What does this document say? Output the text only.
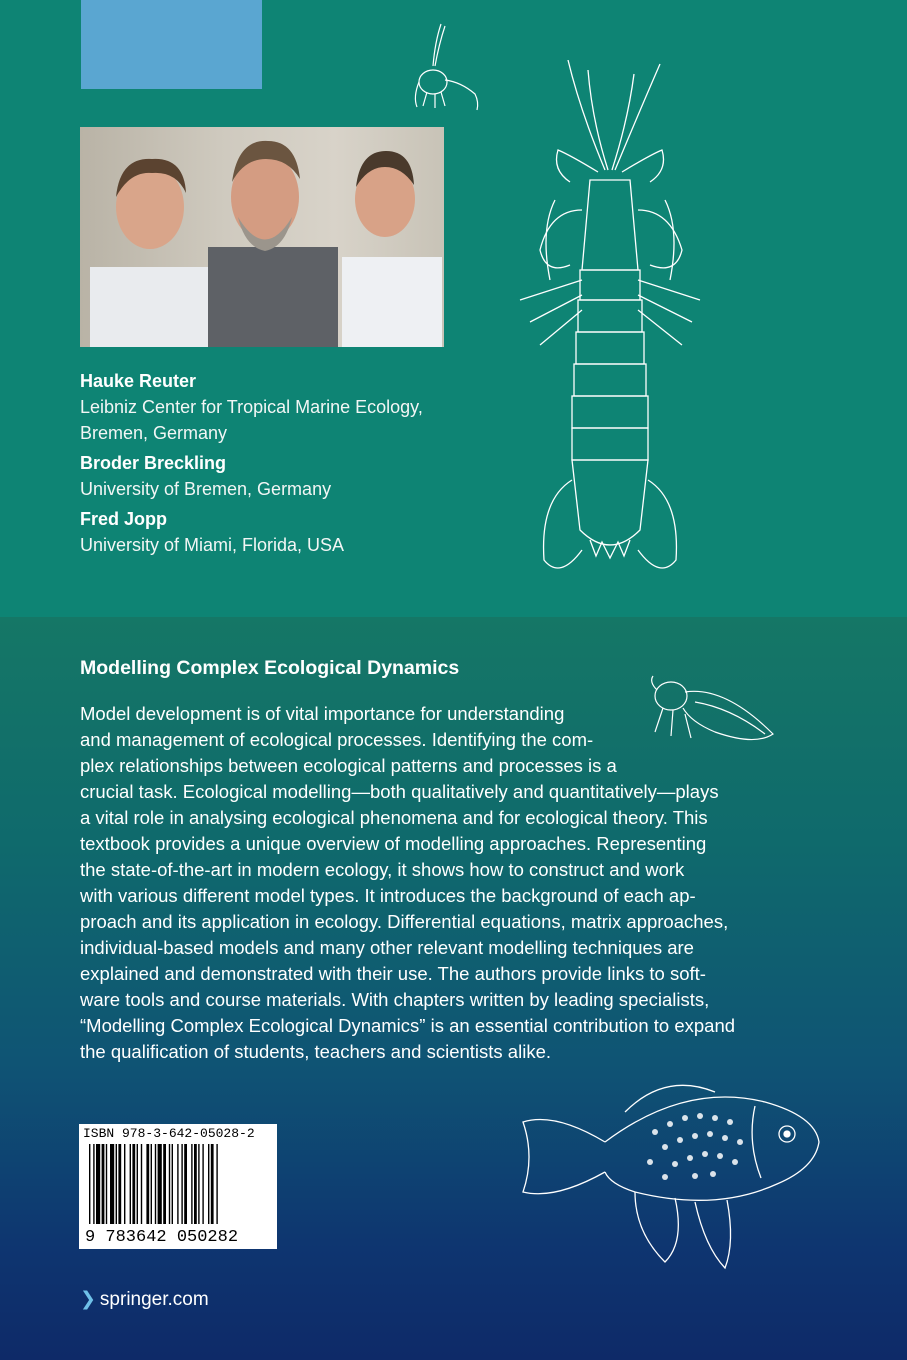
Hauke Reuter
Leibniz Center for Tropical Marine Ecology,
Bremen, Germany
Broder Breckling
University of Bremen, Germany
Fred Jopp
University of Miami, Florida, USA
Modelling Complex Ecological Dynamics
Model development is of vital importance for understanding
and management of ecological processes. Identifying the com-
plex relationships between ecological patterns and processes is a
crucial task. Ecological modelling—both qualitatively and quantitatively—plays
a vital role in analysing ecological phenomena and for ecological theory. This
textbook provides a unique overview of modelling approaches. Representing
the state-of-the-art in modern ecology, it shows how to construct and work
with various different model types. It introduces the background of each ap-
proach and its application in ecology. Differential equations, matrix approaches,
individual-based models and many other relevant modelling techniques are
explained and demonstrated with their use. The authors provide links to soft-
ware tools and course materials. With chapters written by leading specialists,
“Modelling Complex Ecological Dynamics” is an essential contribution to expand
the qualification of students, teachers and scientists alike.
ISBN 978-3-642-05028-2
9 783642 050282
❯ springer.com
